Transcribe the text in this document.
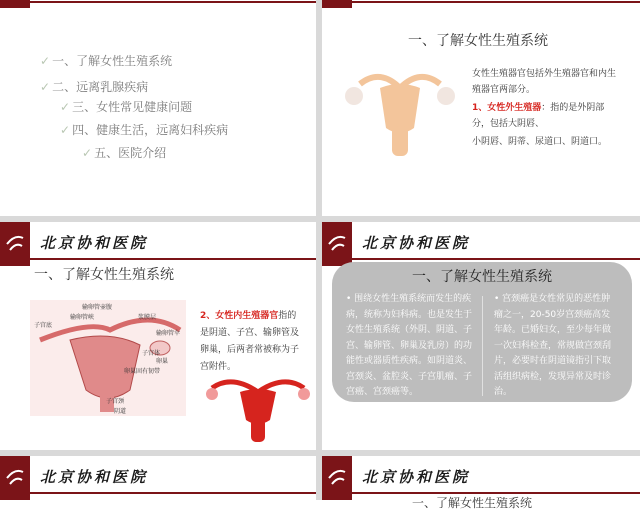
✓ 一、了解女性生殖系统
✓ 二、远离乳腺疾病
✓ 三、女性常见健康问题
✓ 四、健康生活，远离妇科疾病
✓ 五、医院介绍
一、了解女性生殖系统
女性生殖器官包括外生殖器官和内生殖器官两部分。
1、女性外生殖器：指的是外阴部分，包括大阴唇、
小阴唇、阴蒂、尿道口、阴道口。
北京协和医院
一、了解女性生殖系统
输卵管壶腹
输卵管峡
子宫底
浆膜层
输卵管伞
卵巢固有韧带
卵巢
子宫体
子宫颈
阴道
2、女性内生殖器官指的是阴道、子宫、输卵管及卵巢，后两者常被称为子宫附件。
北京协和医院
一、了解女性生殖系统
• 围绕女性生殖系统而发生的疾病，统称为妇科病。也是发生于女性生殖系统（外阴、阴道、子宫、输卵管、卵巢及乳房）的功能性或器质性疾病。如阴道炎、宫颈炎、盆腔炎、子宫肌瘤、子宫癌、宫颈癌等。
• 宫颈癌是女性常见的恶性肿瘤之一，20-50岁宫颈癌高发年龄。已婚妇女，至少每年做一次妇科检查，常规做宫颈刮片，必要时在阴道镜指引下取活组织病检，发现异常及时诊治。
北京协和医院	北京协和医院
一、了解女性生殖系统
